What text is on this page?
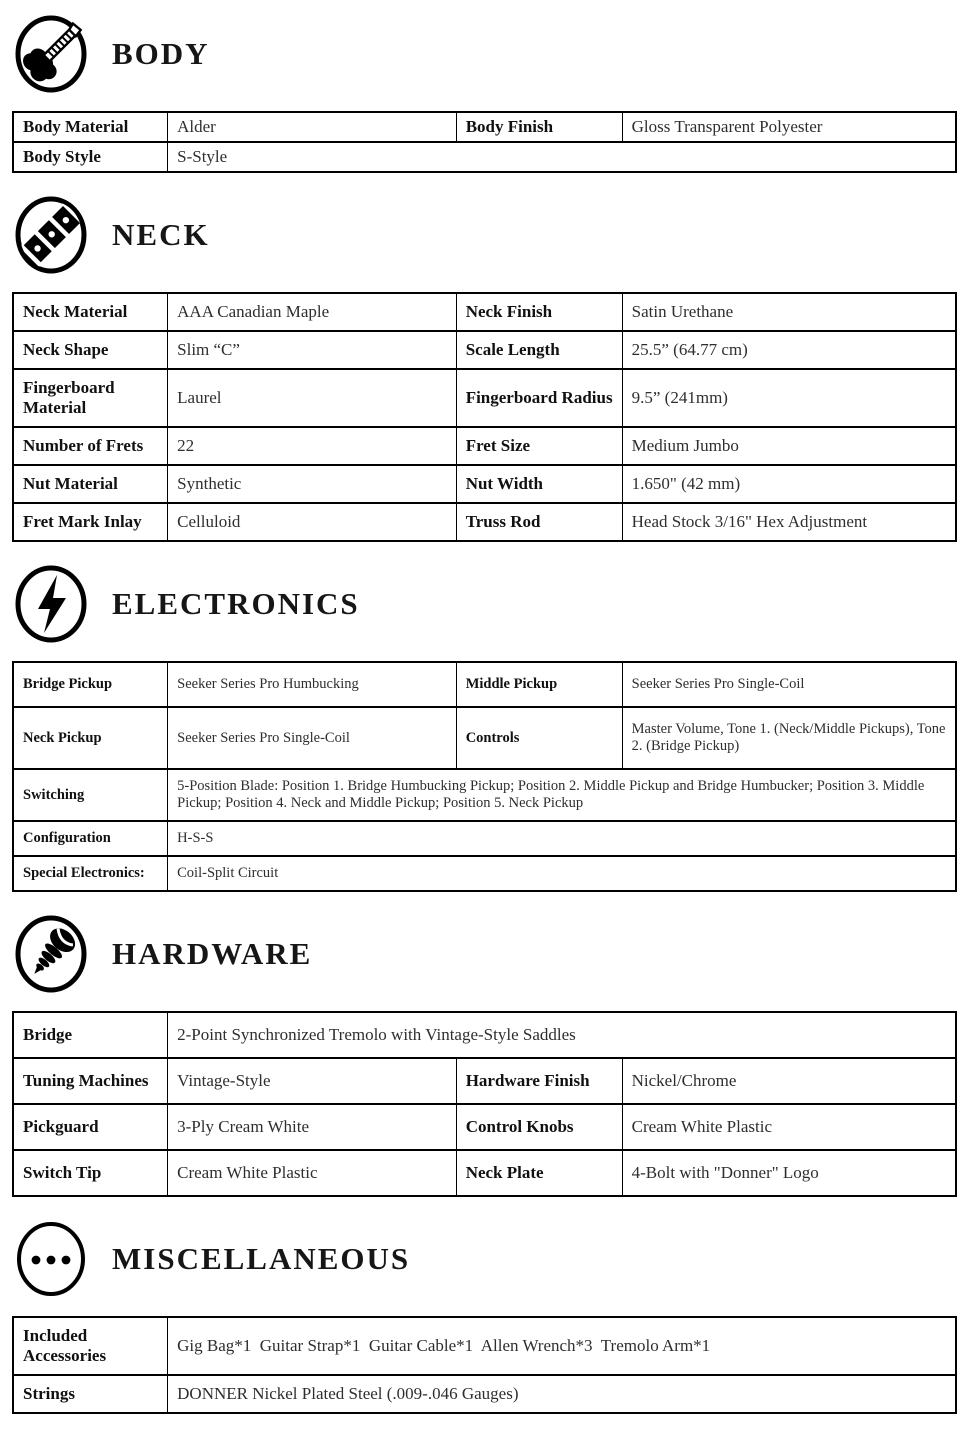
BODY
Body Material	Alder	Body Finish	Gloss Transparent Polyester
Body Style	S-Style		
NECK
Neck Material	AAA Canadian Maple	Neck Finish	Satin Urethane
Neck Shape	Slim “C”	Scale Length	25.5” (64.77 cm)
Fingerboard Material	Laurel	Fingerboard Radius	9.5” (241mm)
Number of Frets	22	Fret Size	Medium Jumbo
Nut Material	Synthetic	Nut Width	1.650" (42 mm)
Fret Mark Inlay	Celluloid	Truss Rod	Head Stock 3/16" Hex Adjustment
ELECTRONICS
Bridge Pickup	Seeker Series Pro Humbucking	Middle Pickup	Seeker Series Pro Single-Coil
Neck Pickup	Seeker Series Pro Single-Coil	Controls	Master Volume, Tone 1. (Neck/Middle Pickups), Tone 2. (Bridge Pickup)
Switching	5-Position Blade: Position 1. Bridge Humbucking Pickup; Position 2. Middle Pickup and Bridge Humbucker; Position 3. Middle Pickup; Position 4. Neck and Middle Pickup; Position 5. Neck Pickup		
Configuration	H-S-S		
Special Electronics:	Coil-Split Circuit		
HARDWARE
Bridge	2-Point Synchronized Tremolo with Vintage-Style Saddles		
Tuning Machines	Vintage-Style	Hardware Finish	Nickel/Chrome
Pickguard	3-Ply Cream White	Control Knobs	Cream White Plastic
Switch Tip	Cream White Plastic	Neck Plate	4-Bolt with "Donner" Logo
MISCELLANEOUS
Included Accessories	Gig Bag*1  Guitar Strap*1  Guitar Cable*1  Allen Wrench*3  Tremolo Arm*1
Strings	DONNER Nickel Plated Steel (.009-.046 Gauges)
